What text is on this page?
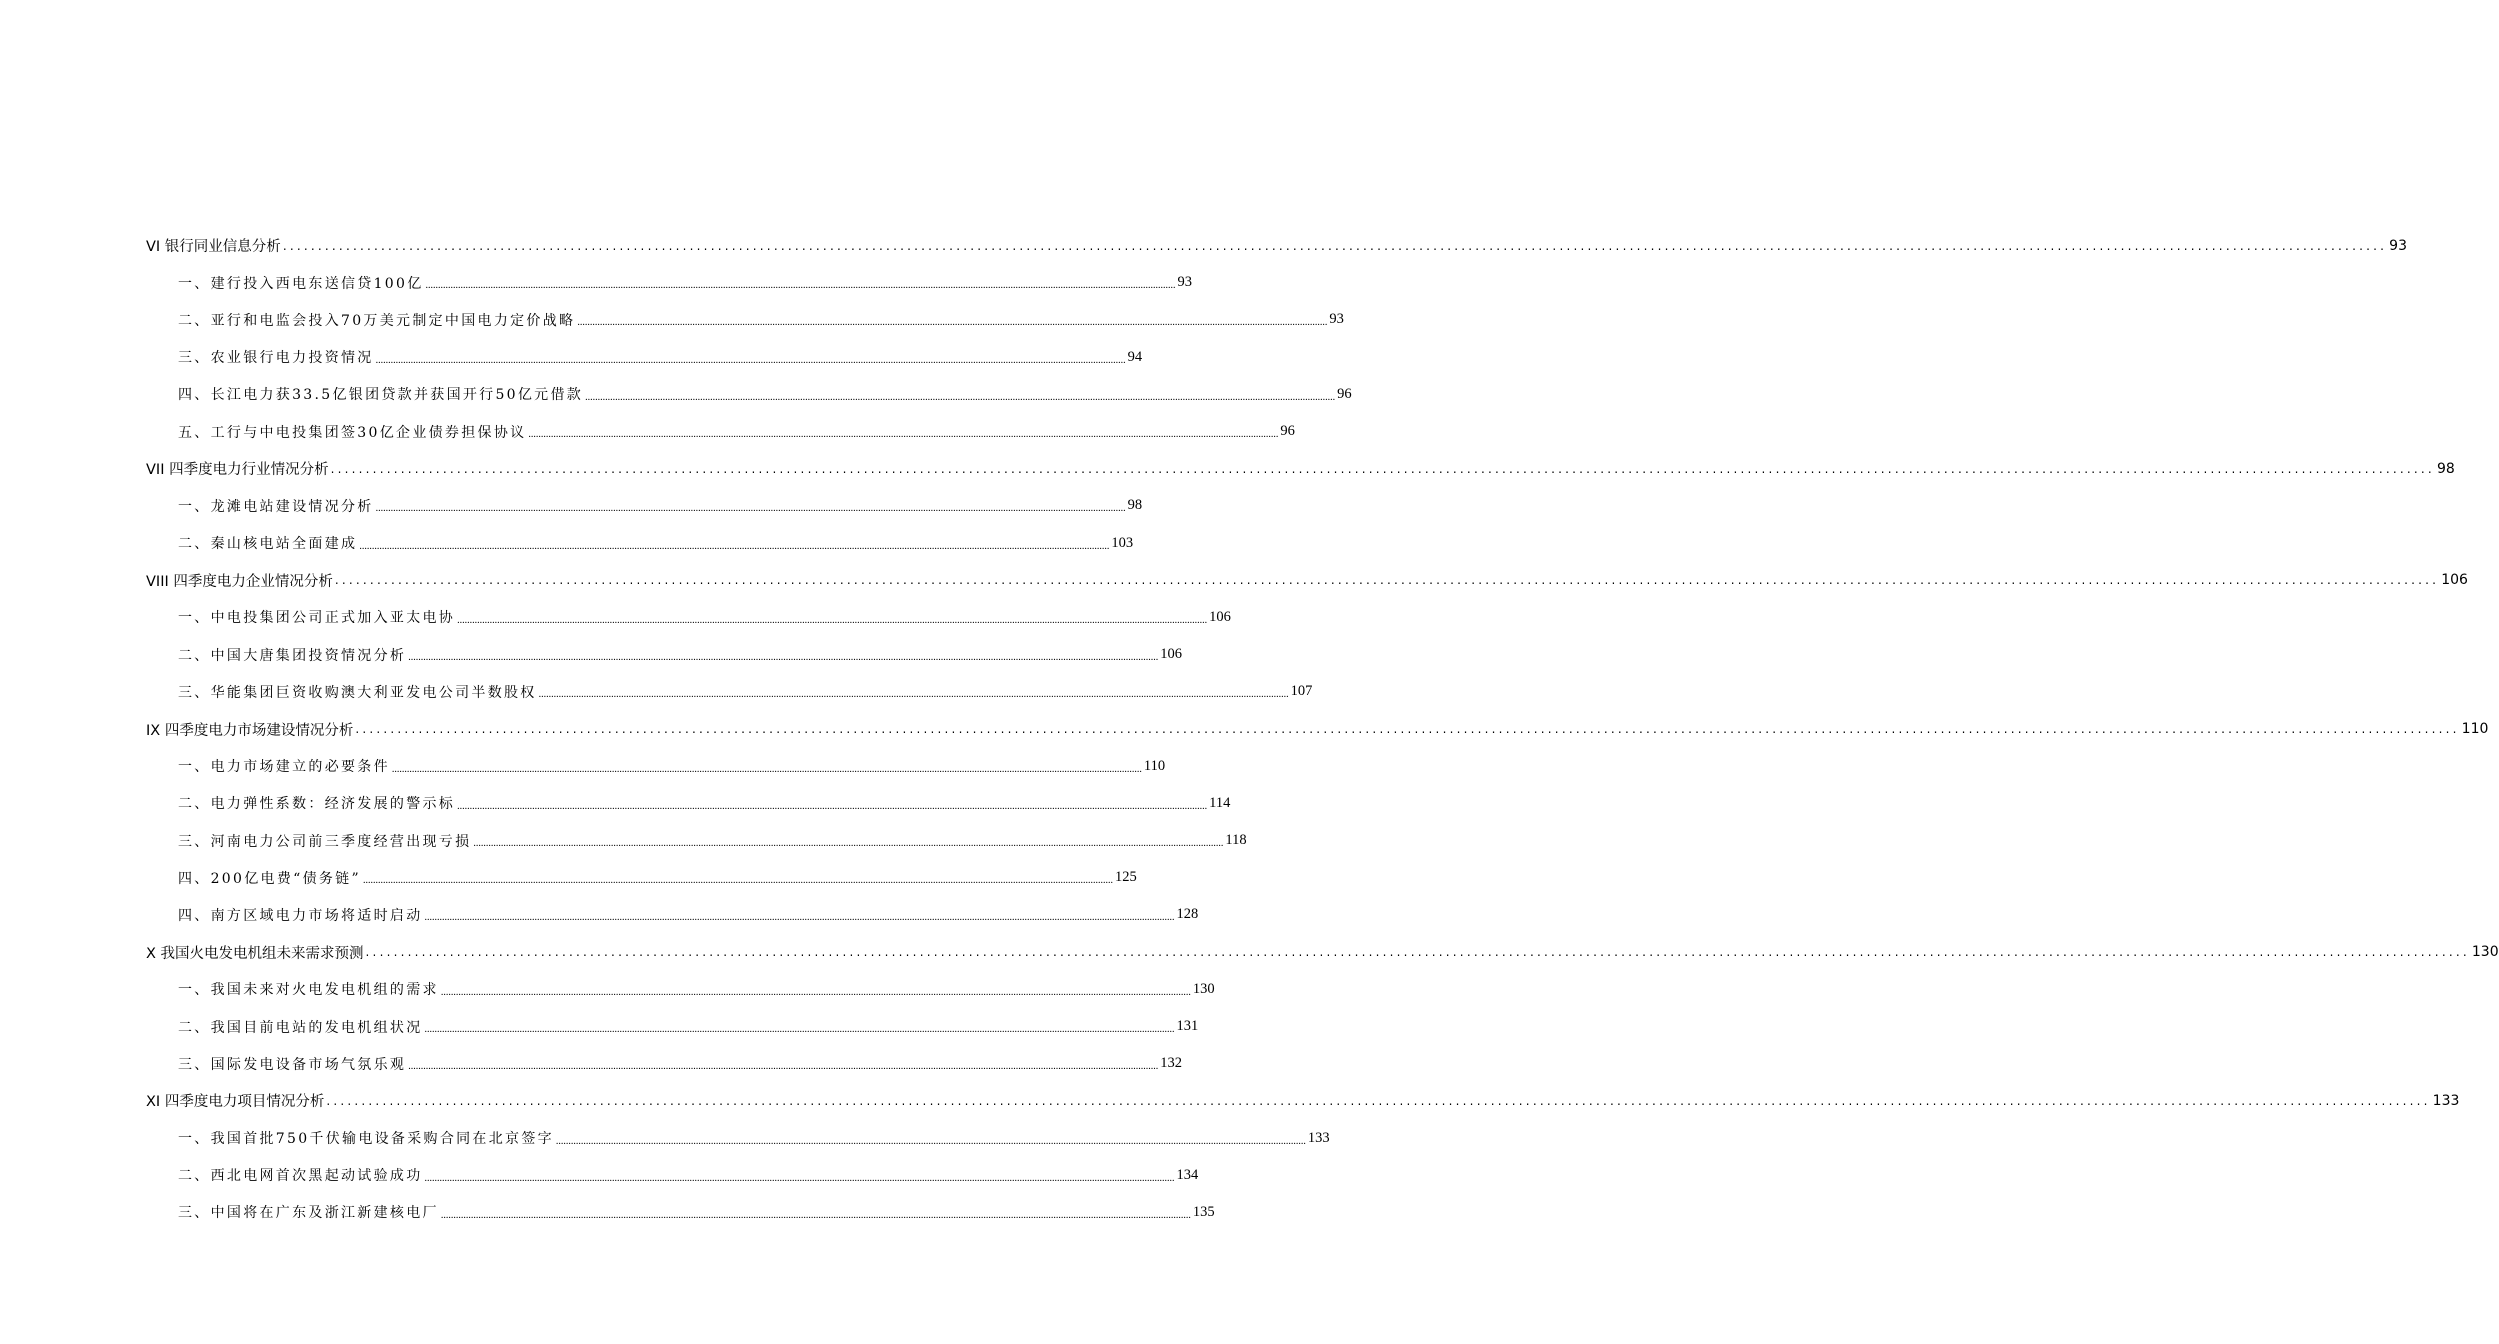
VI 银行同业信息分析 ............................................................................................................................................................................................................................................................................................................ 93
一、建行投入西电东送信贷100亿 ............................................................................................................................................................................................................................................................................................................ 93
二、亚行和电监会投入70万美元制定中国电力定价战略 ............................................................................................................................................................................................................................................................................................................ 93
三、农业银行电力投资情况 ............................................................................................................................................................................................................................................................................................................ 94
四、长江电力获33.5亿银团贷款并获国开行50亿元借款 ............................................................................................................................................................................................................................................................................................................ 96
五、工行与中电投集团签30亿企业债券担保协议 ............................................................................................................................................................................................................................................................................................................ 96
VII 四季度电力行业情况分析 ............................................................................................................................................................................................................................................................................................................ 98
一、龙滩电站建设情况分析 ............................................................................................................................................................................................................................................................................................................ 98
二、秦山核电站全面建成 ............................................................................................................................................................................................................................................................................................................ 103
VIII 四季度电力企业情况分析 ............................................................................................................................................................................................................................................................................................................ 106
一、中电投集团公司正式加入亚太电协 ............................................................................................................................................................................................................................................................................................................ 106
二、中国大唐集团投资情况分析 ............................................................................................................................................................................................................................................................................................................ 106
三、华能集团巨资收购澳大利亚发电公司半数股权 ............................................................................................................................................................................................................................................................................................................ 107
IX 四季度电力市场建设情况分析 ............................................................................................................................................................................................................................................................................................................ 110
一、电力市场建立的必要条件 ............................................................................................................................................................................................................................................................................................................ 110
二、电力弹性系数：经济发展的警示标 ............................................................................................................................................................................................................................................................................................................ 114
三、河南电力公司前三季度经营出现亏损 ............................................................................................................................................................................................................................................................................................................ 118
四、200亿电费“债务链” ............................................................................................................................................................................................................................................................................................................ 125
四、南方区域电力市场将适时启动 ............................................................................................................................................................................................................................................................................................................ 128
X 我国火电发电机组未来需求预测 ............................................................................................................................................................................................................................................................................................................ 130
一、我国未来对火电发电机组的需求 ............................................................................................................................................................................................................................................................................................................ 130
二、我国目前电站的发电机组状况 ............................................................................................................................................................................................................................................................................................................ 131
三、国际发电设备市场气氛乐观 ............................................................................................................................................................................................................................................................................................................ 132
XI 四季度电力项目情况分析 ............................................................................................................................................................................................................................................................................................................ 133
一、我国首批750千伏输电设备采购合同在北京签字 ............................................................................................................................................................................................................................................................................................................ 133
二、西北电网首次黑起动试验成功 ............................................................................................................................................................................................................................................................................................................ 134
三、中国将在广东及浙江新建核电厂 ............................................................................................................................................................................................................................................................................................................ 135
